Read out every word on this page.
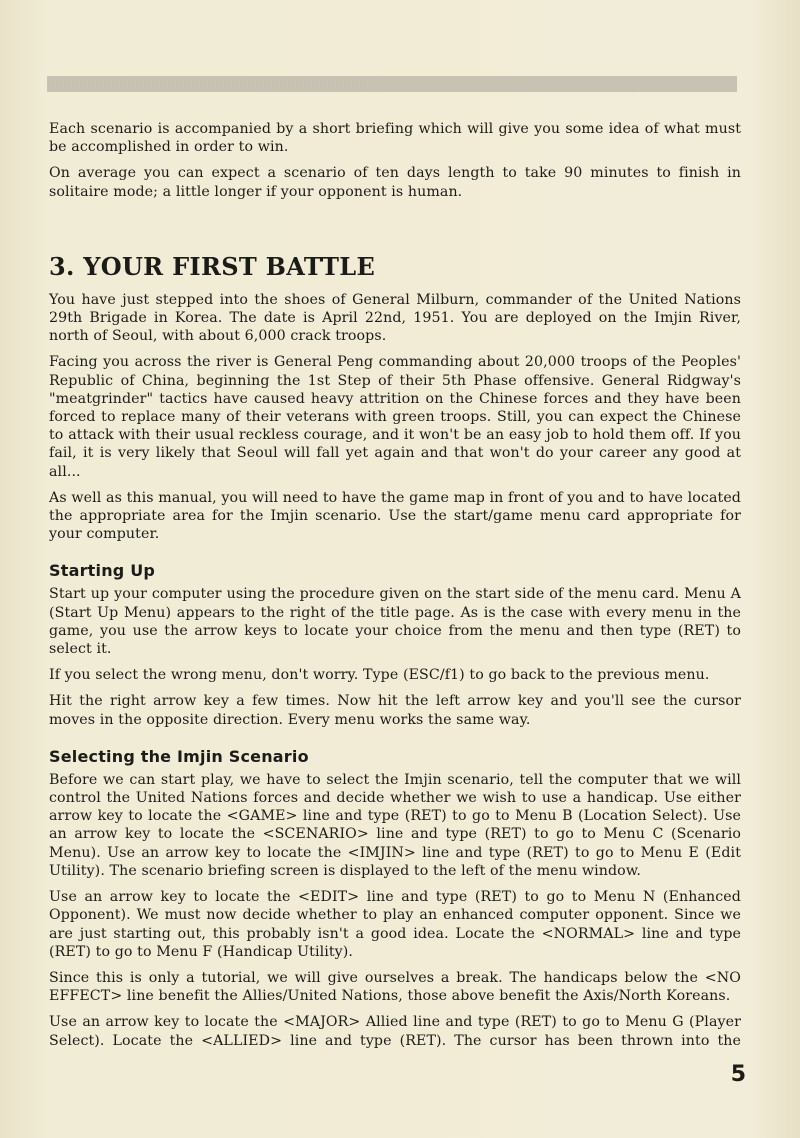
Each scenario is accompanied by a short briefing which will give you some idea of what must be accomplished in order to win.

On average you can expect a scenario of ten days length to take 90 minutes to finish in solitaire mode; a little longer if your opponent is human.

3. YOUR FIRST BATTLE

You have just stepped into the shoes of General Milburn, commander of the United Nations 29th Brigade in Korea. The date is April 22nd, 1951. You are deployed on the Imjin River, north of Seoul, with about 6,000 crack troops.

Facing you across the river is General Peng commanding about 20,000 troops of the Peoples' Republic of China, beginning the 1st Step of their 5th Phase offensive. General Ridgway's "meatgrinder" tactics have caused heavy attrition on the Chinese forces and they have been forced to replace many of their veterans with green troops. Still, you can expect the Chinese to attack with their usual reckless courage, and it won't be an easy job to hold them off. If you fail, it is very likely that Seoul will fall yet again and that won't do your career any good at all...

As well as this manual, you will need to have the game map in front of you and to have located the appropriate area for the Imjin scenario. Use the start/game menu card appropriate for your computer.

Starting Up

Start up your computer using the procedure given on the start side of the menu card. Menu A (Start Up Menu) appears to the right of the title page. As is the case with every menu in the game, you use the arrow keys to locate your choice from the menu and then type (RET) to select it.

If you select the wrong menu, don't worry. Type (ESC/f1) to go back to the previous menu.

Hit the right arrow key a few times. Now hit the left arrow key and you'll see the cursor moves in the opposite direction. Every menu works the same way.

Selecting the Imjin Scenario

Before we can start play, we have to select the Imjin scenario, tell the computer that we will control the United Nations forces and decide whether we wish to use a handicap. Use either arrow key to locate the <GAME> line and type (RET) to go to Menu B (Location Select). Use an arrow key to locate the <SCENARIO> line and type (RET) to go to Menu C (Scenario Menu). Use an arrow key to locate the <IMJIN> line and type (RET) to go to Menu E (Edit Utility). The scenario briefing screen is displayed to the left of the menu window.

Use an arrow key to locate the <EDIT> line and type (RET) to go to Menu N (Enhanced Opponent). We must now decide whether to play an enhanced computer opponent. Since we are just starting out, this probably isn't a good idea. Locate the <NORMAL> line and type (RET) to go to Menu F (Handicap Utility).

Since this is only a tutorial, we will give ourselves a break. The handicaps below the <NO EFFECT> line benefit the Allies/United Nations, those above benefit the Axis/North Koreans.

Use an arrow key to locate the <MAJOR> Allied line and type (RET) to go to Menu G (Player Select). Locate the <ALLIED> line and type (RET). The cursor has been thrown into the

5
